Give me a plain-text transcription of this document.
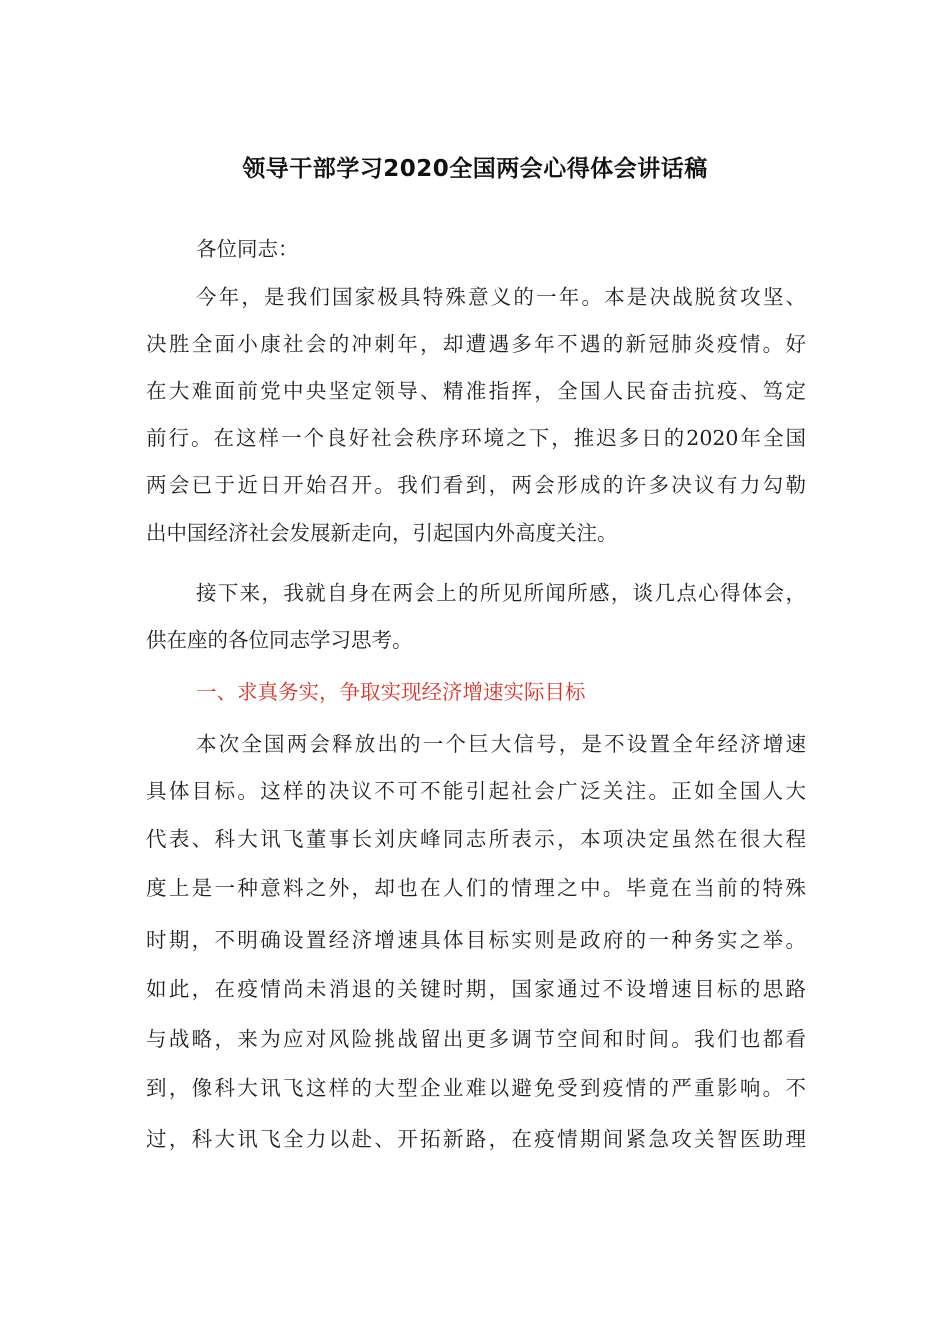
领导干部学习2020全国两会心得体会讲话稿
各位同志：
今年，是我们国家极具特殊意义的一年。本是决战脱贫攻坚、
决胜全面小康社会的冲刺年，却遭遇多年不遇的新冠肺炎疫情。好
在大难面前党中央坚定领导、精准指挥，全国人民奋击抗疫、笃定
前行。在这样一个良好社会秩序环境之下，推迟多日的2020年全国
两会已于近日开始召开。我们看到，两会形成的许多决议有力勾勒
出中国经济社会发展新走向，引起国内外高度关注。
接下来，我就自身在两会上的所见所闻所感，谈几点心得体会，
供在座的各位同志学习思考。
一、求真务实，争取实现经济增速实际目标
本次全国两会释放出的一个巨大信号，是不设置全年经济增速
具体目标。这样的决议不可不能引起社会广泛关注。正如全国人大
代表、科大讯飞董事长刘庆峰同志所表示，本项决定虽然在很大程
度上是一种意料之外，却也在人们的情理之中。毕竟在当前的特殊
时期，不明确设置经济增速具体目标实则是政府的一种务实之举。
如此，在疫情尚未消退的关键时期，国家通过不设增速目标的思路
与战略，来为应对风险挑战留出更多调节空间和时间。我们也都看
到，像科大讯飞这样的大型企业难以避免受到疫情的严重影响。不
过，科大讯飞全力以赴、开拓新路，在疫情期间紧急攻关智医助理
